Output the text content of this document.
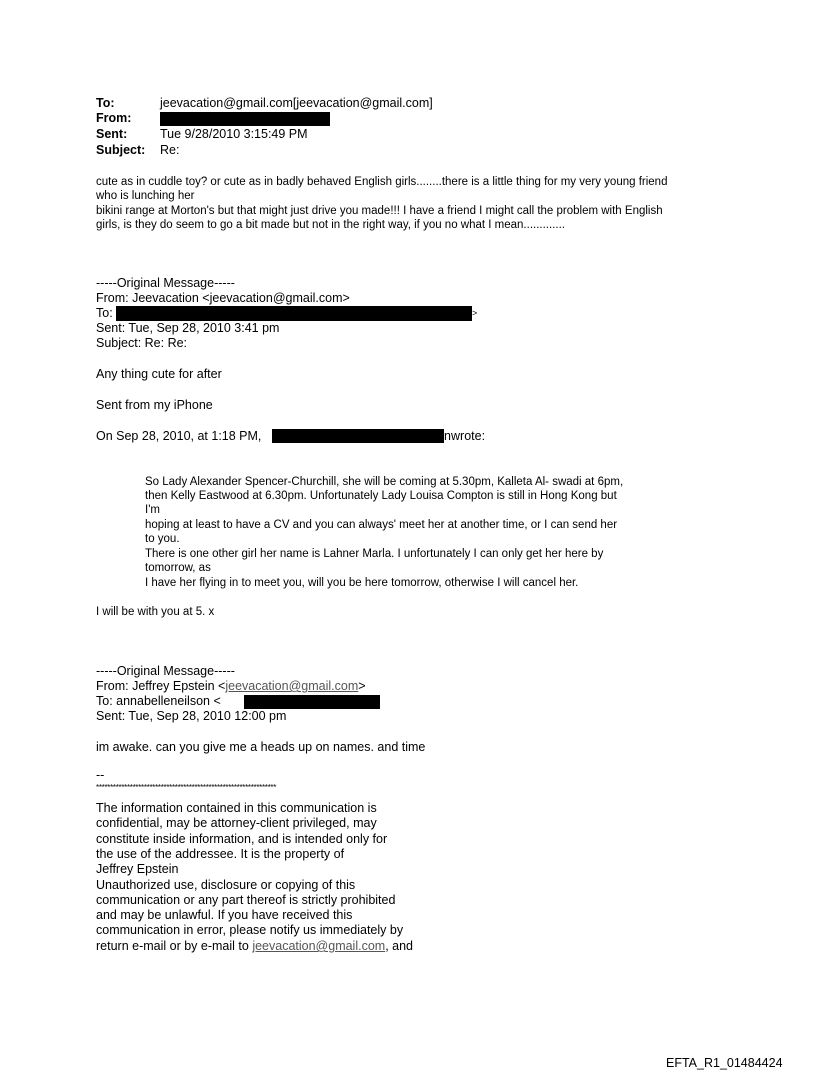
To:	jeevacation@gmail.com[jeevacation@gmail.com]
From:
Sent:	Tue 9/28/2010 3:15:49 PM
Subject: Re:
cute as in cuddle toy? or cute as in badly behaved English girls........there is a little thing for my very young friend
who is lunching her
bikini range at Morton's but that might just drive you made!!! I have a friend I might call the problem with English
girls, is they do seem to go a bit made but not in the right way, if you no what I mean.............
-----Original Message-----
From: Jeevacation <jeevacation@gmail.com>
To:	>
Sent: Tue, Sep 28, 2010 3:41 pm
Subject: Re: Re:
Any thing cute for after
Sent from my iPhone
On Sep 28, 2010, at 1:18 PM,	n wrote:
So Lady Alexander Spencer-Churchill, she will be coming at 5.30pm, Kalleta Al- swadi at 6pm,
then Kelly Eastwood at 6.30pm. Unfortunately Lady Louisa Compton is still in Hong Kong but
I'm
hoping at least to have a CV and you can always' meet her at another time, or I can send her
to you.
There is one other girl her name is Lahner Marla. I unfortunately I can only get her here by
tomorrow, as
I have her flying in to meet you, will you be here tomorrow, otherwise I will cancel her.
I will be with you at 5. x
-----Original Message-----
From: Jeffrey Epstein <jeevacation@gmail.com>
To: annabelleneilson <
Sent: Tue, Sep 28, 2010 12:00 pm
im awake. can you give me a heads up on names. and time
--
****************************************************************
The information contained in this communication is
confidential, may be attorney-client privileged, may
constitute inside information, and is intended only for
the use of the addressee. It is the property of
Jeffrey Epstein
Unauthorized use, disclosure or copying of this
communication or any part thereof is strictly prohibited
and may be unlawful. If you have received this
communication in error, please notify us immediately by
return e-mail or by e-mail to jeevacation@gmail.com, and
EFTA_R1_01484424
